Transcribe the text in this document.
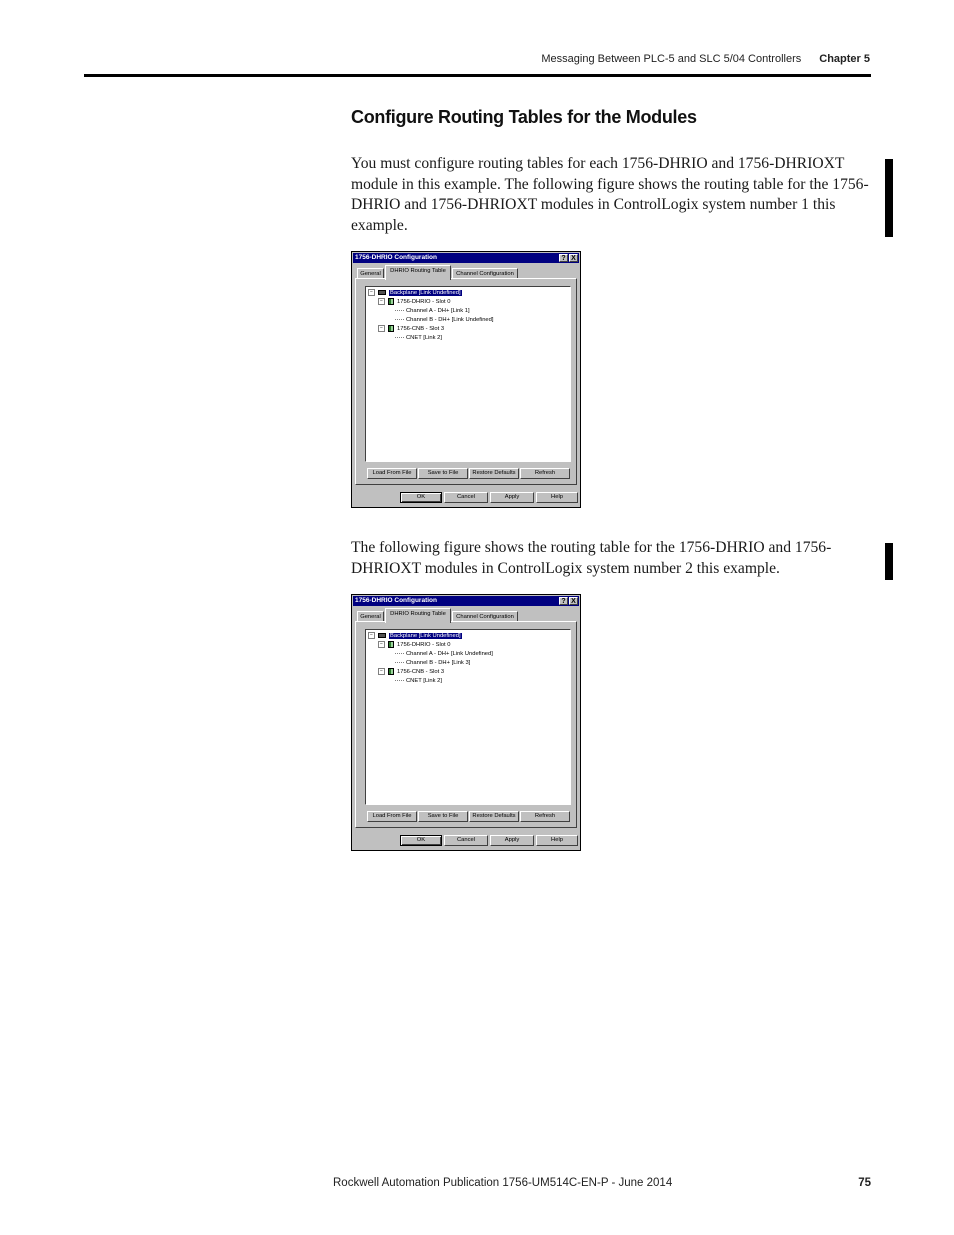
Messaging Between PLC-5 and SLC 5/04 Controllers Chapter 5
Configure Routing Tables for the Modules

You must configure routing tables for each 1756-DHRIO and 1756-DHRIOXT module in this example. The following figure shows the routing table for the 1756-DHRIO and 1756-DHRIOXT modules in ControlLogix system number 1 this example.

1756-DHRIO Configuration	? X
General	DHRIO Routing Table	Channel Configuration
−	Backplane [Link Undefined]
− 1756-DHRIO - Slot 0
Channel A - DH+ [Link 1]
Channel B - DH+ [Link Undefined]
− 1756-CNB - Slot 3
CNET [Link 2]
Load From File	Save to File	Restore Defaults	Refresh
OK	Cancel	Apply	Help

The following figure shows the routing table for the 1756-DHRIO and 1756-DHRIOXT modules in ControlLogix system number 2 this example.

1756-DHRIO Configuration	? X
General	DHRIO Routing Table	Channel Configuration
−	Backplane [Link Undefined]
− 1756-DHRIO - Slot 0
Channel A - DH+ [Link Undefined]
Channel B - DH+ [Link 3]
− 1756-CNB - Slot 3
CNET [Link 2]
Load From File	Save to File	Restore Defaults	Refresh
OK	Cancel	Apply	Help
Rockwell Automation Publication 1756-UM514C-EN-P - June 2014	75
